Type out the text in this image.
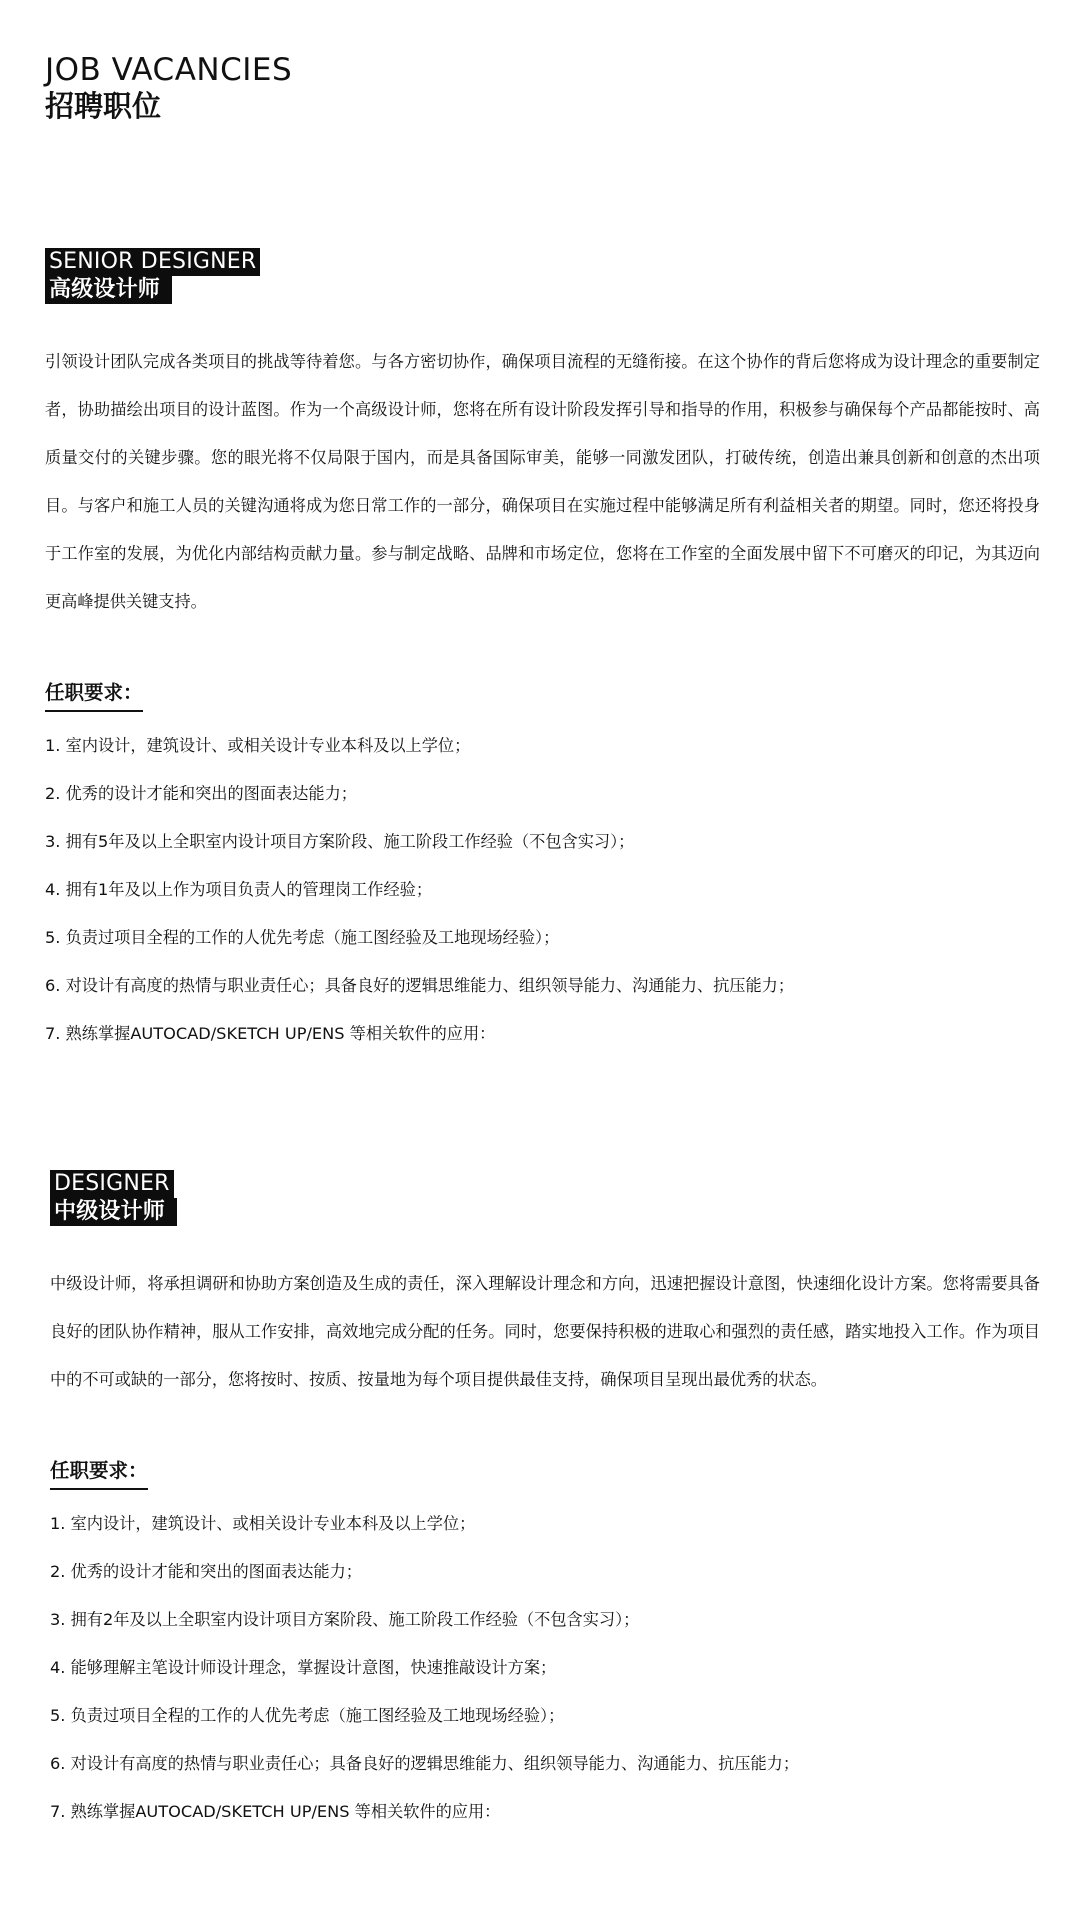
JOB VACANCIES
招聘职位
SENIOR DESIGNER
高级设计师
引领设计团队完成各类项目的挑战等待着您。与各方密切协作，确保项目流程的无缝衔接。在这个协作的背后您将成为设计理念的重要制定者，协助描绘出项目的设计蓝图。作为一个高级设计师，您将在所有设计阶段发挥引导和指导的作用，积极参与确保每个产品都能按时、高质量交付的关键步骤。您的眼光将不仅局限于国内，而是具备国际审美，能够一同激发团队，打破传统，创造出兼具创新和创意的杰出项目。与客户和施工人员的关键沟通将成为您日常工作的一部分，确保项目在实施过程中能够满足所有利益相关者的期望。同时，您还将投身于工作室的发展，为优化内部结构贡献力量。参与制定战略、品牌和市场定位，您将在工作室的全面发展中留下不可磨灭的印记，为其迈向更高峰提供关键支持。
任职要求：
1. 室内设计，建筑设计、或相关设计专业本科及以上学位；
2. 优秀的设计才能和突出的图面表达能力；
3. 拥有5年及以上全职室内设计项目方案阶段、施工阶段工作经验（不包含实习）；
4. 拥有1年及以上作为项目负责人的管理岗工作经验；
5. 负责过项目全程的工作的人优先考虑（施工图经验及工地现场经验）；
6. 对设计有高度的热情与职业责任心；具备良好的逻辑思维能力、组织领导能力、沟通能力、抗压能力；
7. 熟练掌握AUTOCAD/SKETCH UP/ENS 等相关软件的应用：
DESIGNER
中级设计师
中级设计师，将承担调研和协助方案创造及生成的责任，深入理解设计理念和方向，迅速把握设计意图，快速细化设计方案。您将需要具备良好的团队协作精神，服从工作安排，高效地完成分配的任务。同时，您要保持积极的进取心和强烈的责任感，踏实地投入工作。作为项目中的不可或缺的一部分，您将按时、按质、按量地为每个项目提供最佳支持，确保项目呈现出最优秀的状态。
任职要求：
1. 室内设计，建筑设计、或相关设计专业本科及以上学位；
2. 优秀的设计才能和突出的图面表达能力；
3. 拥有2年及以上全职室内设计项目方案阶段、施工阶段工作经验（不包含实习）；
4. 能够理解主笔设计师设计理念，掌握设计意图，快速推敲设计方案；
5. 负责过项目全程的工作的人优先考虑（施工图经验及工地现场经验）；
6. 对设计有高度的热情与职业责任心；具备良好的逻辑思维能力、组织领导能力、沟通能力、抗压能力；
7. 熟练掌握AUTOCAD/SKETCH UP/ENS 等相关软件的应用：
